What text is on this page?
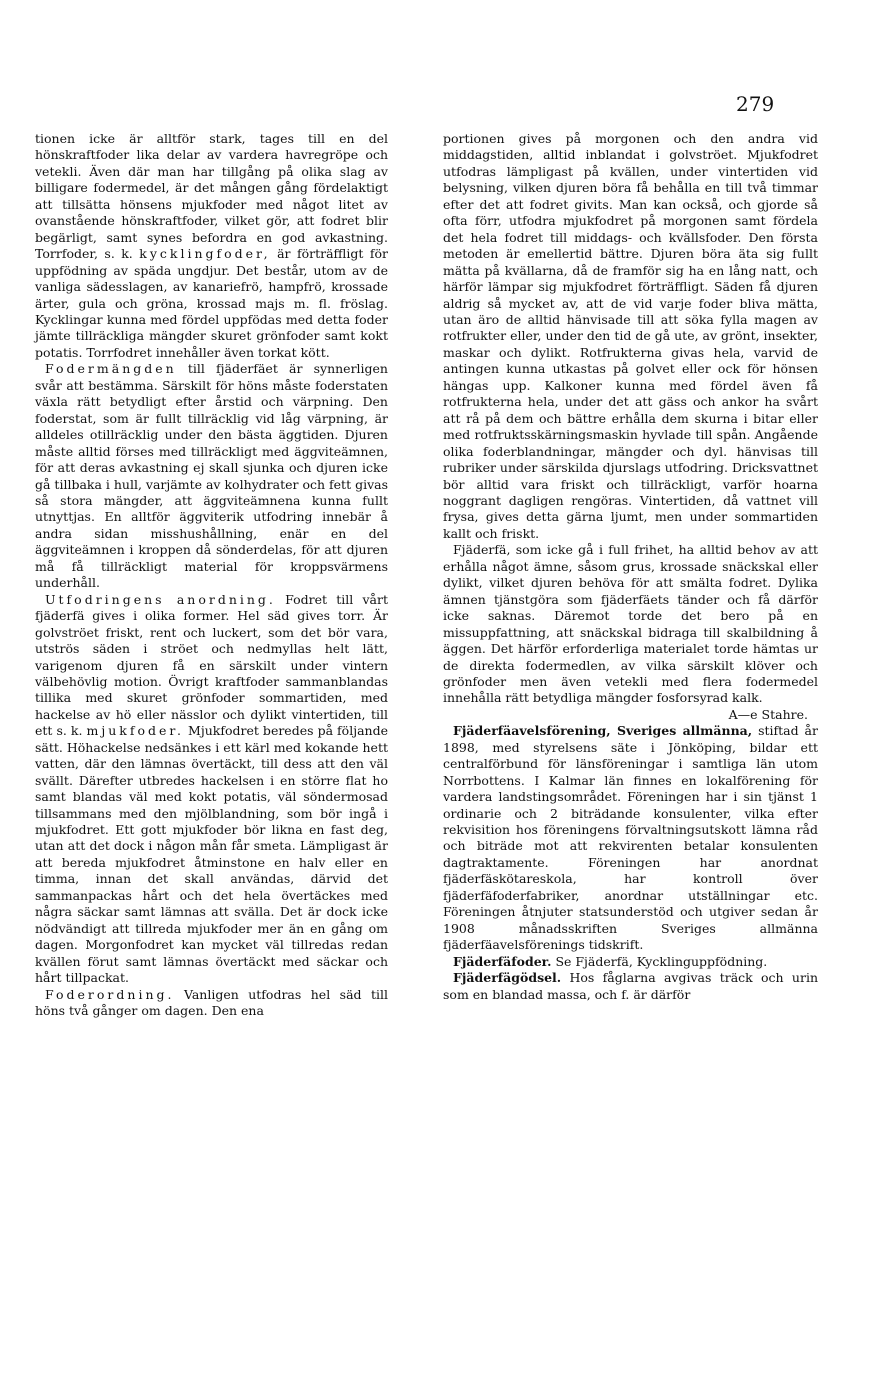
279

tionen icke är alltför stark, tages till en del hönskraftfoder lika delar av vardera havregröpe och vetekli. Även där man har tillgång på olika slag av billigare fodermedel, är det mången gång fördelaktigt att tillsätta hönsens mjukfoder med något litet av ovanstående hönskraftfoder, vilket gör, att fodret blir begärligt, samt synes befordra en god avkastning. Torrfoder, s. k. kycklingfoder, är förträffligt för uppfödning av späda ungdjur. Det består, utom av de vanliga sädesslagen, av kanariefrö, hampfrö, krossade ärter, gula och gröna, krossad majs m. fl. fröslag. Kycklingar kunna med fördel uppfödas med detta foder jämte tillräckliga mängder skuret grönfoder samt kokt potatis. Torrfodret innehåller även torkat kött.

Fodermängden till fjäderfäet är synnerligen svår att bestämma. Särskilt för höns måste foderstaten växla rätt betydligt efter årstid och värpning. Den foderstat, som är fullt tillräcklig vid låg värpning, är alldeles otillräcklig under den bästa äggtiden. Djuren måste alltid förses med tillräckligt med äggviteämnen, för att deras avkastning ej skall sjunka och djuren icke gå tillbaka i hull, varjämte av kolhydrater och fett givas så stora mängder, att äggviteämnena kunna fullt utnyttjas. En alltför äggviterik utfodring innebär å andra sidan misshushållning, enär en del äggviteämnen i kroppen då sönderdelas, för att djuren må få tillräckligt material för kroppsvärmens underhåll.

Utfodringens anordning. Fodret till vårt fjäderfä gives i olika former. Hel säd gives torr. Är golvströet friskt, rent och luckert, som det bör vara, utströs säden i ströet och nedmyllas helt lätt, varigenom djuren få en särskilt under vintern välbehövlig motion. Övrigt kraftfoder sammanblandas tillika med skuret grönfoder sommartiden, med hackelse av hö eller nässlor och dylikt vintertiden, till ett s. k. mjukfoder. Mjukfodret beredes på följande sätt. Höhackelse nedsänkes i ett kärl med kokande hett vatten, där den lämnas övertäckt, till dess att den väl svällt. Därefter utbredes hackelsen i en större flat ho samt blandas väl med kokt potatis, väl söndermosad tillsammans med den mjölblandning, som bör ingå i mjukfodret. Ett gott mjukfoder bör likna en fast deg, utan att det dock i någon mån får smeta. Lämpligast är att bereda mjukfodret åtminstone en halv eller en timma, innan det skall användas, därvid det sammanpackas hårt och det hela övertäckes med några säckar samt lämnas att svälla. Det är dock icke nödvändigt att tillreda mjukfoder mer än en gång om dagen. Morgonfodret kan mycket väl tillredas redan kvällen förut samt lämnas övertäckt med säckar och hårt tillpackat.

Foderordning. Vanligen utfodras hel säd till höns två gånger om dagen. Den ena

portionen gives på morgonen och den andra vid middagstiden, alltid inblandat i golvströet. Mjukfodret utfodras lämpligast på kvällen, under vintertiden vid belysning, vilken djuren böra få behålla en till två timmar efter det att fodret givits. Man kan också, och gjorde så ofta förr, utfodra mjukfodret på morgonen samt fördela det hela fodret till middags- och kvällsfoder. Den första metoden är emellertid bättre. Djuren böra äta sig fullt mätta på kvällarna, då de framför sig ha en lång natt, och härför lämpar sig mjukfodret förträffligt. Säden få djuren aldrig så mycket av, att de vid varje foder bliva mätta, utan äro de alltid hänvisade till att söka fylla magen av rotfrukter eller, under den tid de gå ute, av grönt, insekter, maskar och dylikt. Rotfrukterna givas hela, varvid de antingen kunna utkastas på golvet eller ock för hönsen hängas upp. Kalkoner kunna med fördel även få rotfrukterna hela, under det att gäss och ankor ha svårt att rå på dem och bättre erhålla dem skurna i bitar eller med rotfruktsskärningsmaskin hyvlade till spån. Angående olika foderblandningar, mängder och dyl. hänvisas till rubriker under särskilda djurslags utfodring. Dricksvattnet bör alltid vara friskt och tillräckligt, varför hoarna noggrant dagligen rengöras. Vintertiden, då vattnet vill frysa, gives detta gärna ljumt, men under sommartiden kallt och friskt.

Fjäderfä, som icke gå i full frihet, ha alltid behov av att erhålla något ämne, såsom grus, krossade snäckskal eller dylikt, vilket djuren behöva för att smälta fodret. Dylika ämnen tjänstgöra som fjäderfäets tänder och få därför icke saknas. Däremot torde det bero på en missuppfattning, att snäckskal bidraga till skalbildning å äggen. Det härför erforderliga materialet torde hämtas ur de direkta fodermedlen, av vilka särskilt klöver och grönfoder men även vetekli med flera fodermedel innehålla rätt betydliga mängder fosforsyrad kalk.

A—e Stahre.

Fjäderfäavelsförening, Sveriges allmänna, stiftad år 1898, med styrelsens säte i Jönköping, bildar ett centralförbund för länsföreningar i samtliga län utom Norrbottens. I Kalmar län finnes en lokalförening för vardera landstingsområdet. Föreningen har i sin tjänst 1 ordinarie och 2 biträdande konsulenter, vilka efter rekvisition hos föreningens förvaltningsutskott lämna råd och biträde mot att rekvirenten betalar konsulenten dagtraktamente. Föreningen har anordnat fjäderfäskötareskola, har kontroll över fjäderfäfoderfabriker, anordnar utställningar etc. Föreningen åtnjuter statsunderstöd och utgiver sedan år 1908 månadsskriften Sveriges allmänna fjäderfäavelsförenings tidskrift.

Fjäderfäfoder. Se Fjäderfä, Kycklinguppfödning.

Fjäderfägödsel. Hos fåglarna avgivas träck och urin som en blandad massa, och f. är därför
